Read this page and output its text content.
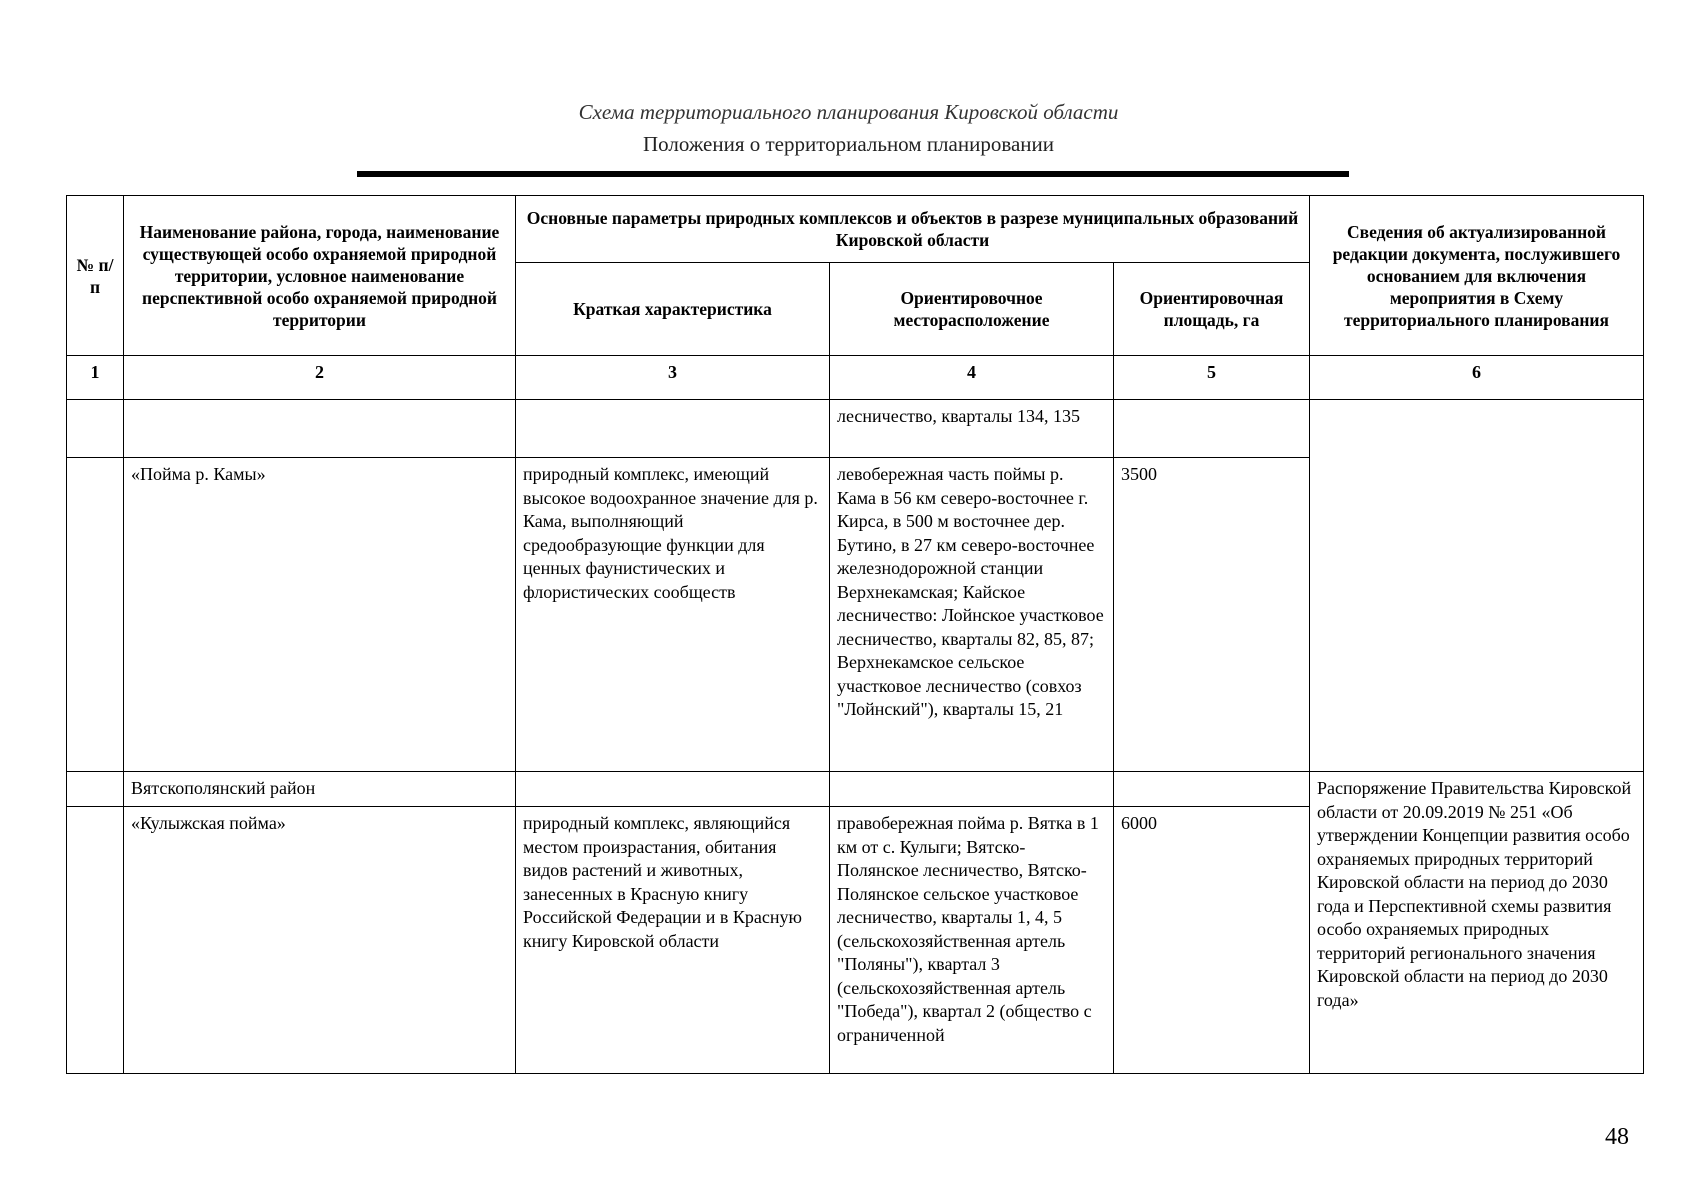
Схема территориального планирования Кировской области
Положения о территориальном планировании
№ п/п	Наименование района, города, наименование существующей особо охраняемой природной территории, условное наименование перспективной особо охраняемой природной территории	Основные параметры природных комплексов и объектов в разрезе муниципальных образований Кировской области			Сведения об актуализированной редакции документа, послужившего основанием для включения мероприятия в Схему территориального планирования
		Краткая характеристика	Ориентировочное месторасположение	Ориентировочная площадь, га	
1	2	3	4	5	6
			лесничество, кварталы 134, 135		
	«Пойма р. Камы»	природный комплекс, имеющий высокое водоохранное значение для р. Кама, выполняющий средообразующие функции для ценных фаунистических и флористических сообществ	левобережная часть поймы р. Кама в 56 км северо-восточнее г. Кирса, в 500 м восточнее дер. Бутино, в 27 км северо-восточнее железнодорожной станции Верхнекамская; Кайское лесничество: Лойнское участковое лесничество, кварталы 82, 85, 87; Верхнекамское сельское участковое лесничество (совхоз "Лойнский"), кварталы 15, 21	3500	
	Вятскополянский район				Распоряжение Правительства Кировской области от 20.09.2019 № 251 «Об утверждении Концепции развития особо охраняемых природных территорий Кировской области на период до 2030 года и Перспективной схемы развития особо охраняемых природных территорий регионального значения Кировской области на период до 2030 года»
	«Кулыжская пойма»	природный комплекс, являющийся местом произрастания, обитания видов растений и животных, занесенных в Красную книгу Российской Федерации и в Красную книгу Кировской области	правобережная пойма р. Вятка в 1 км от с. Кулыги; Вятско-Полянское лесничество, Вятско-Полянское сельское участковое лесничество, кварталы 1, 4, 5 (сельскохозяйственная артель "Поляны"), квартал 3 (сельскохозяйственная артель "Победа"), квартал 2 (общество с ограниченной	6000	
48
